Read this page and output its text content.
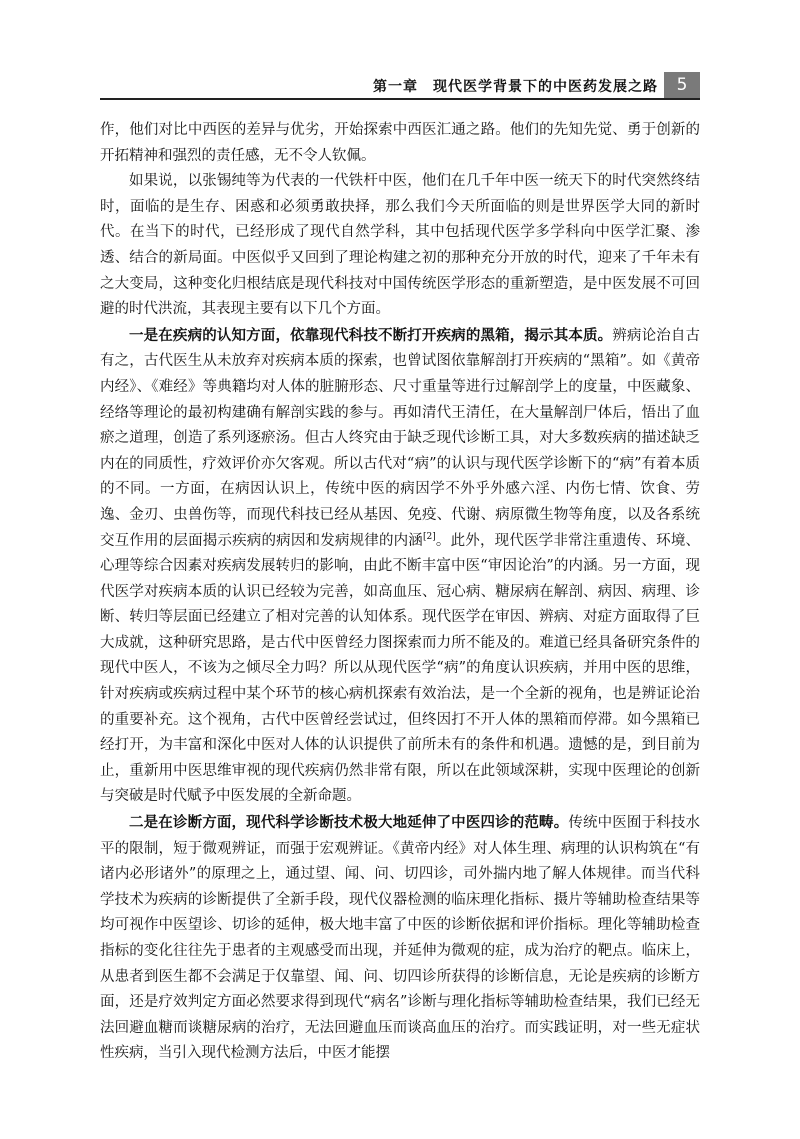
第一章　现代医学背景下的中医药发展之路	5

作，他们对比中西医的差异与优劣，开始探索中西医汇通之路。他们的先知先觉、勇于创新的开拓精神和强烈的责任感，无不令人钦佩。

如果说，以张锡纯等为代表的一代铁杆中医，他们在几千年中医一统天下的时代突然终结时，面临的是生存、困惑和必须勇敢抉择，那么我们今天所面临的则是世界医学大同的新时代。在当下的时代，已经形成了现代自然学科，其中包括现代医学多学科向中医学汇聚、渗透、结合的新局面。中医似乎又回到了理论构建之初的那种充分开放的时代，迎来了千年未有之大变局，这种变化归根结底是现代科技对中国传统医学形态的重新塑造，是中医发展不可回避的时代洪流，其表现主要有以下几个方面。

一是在疾病的认知方面，依靠现代科技不断打开疾病的黑箱，揭示其本质。辨病论治自古有之，古代医生从未放弃对疾病本质的探索，也曾试图依靠解剖打开疾病的“黑箱”。如《黄帝内经》、《难经》等典籍均对人体的脏腑形态、尺寸重量等进行过解剖学上的度量，中医藏象、经络等理论的最初构建确有解剖实践的参与。再如清代王清任，在大量解剖尸体后，悟出了血瘀之道理，创造了系列逐瘀汤。但古人终究由于缺乏现代诊断工具，对大多数疾病的描述缺乏内在的同质性，疗效评价亦欠客观。所以古代对“病”的认识与现代医学诊断下的“病”有着本质的不同。一方面，在病因认识上，传统中医的病因学不外乎外感六淫、内伤七情、饮食、劳逸、金刃、虫兽伤等，而现代科技已经从基因、免疫、代谢、病原微生物等角度，以及各系统交互作用的层面揭示疾病的病因和发病规律的内涵[2]。此外，现代医学非常注重遗传、环境、心理等综合因素对疾病发展转归的影响，由此不断丰富中医“审因论治”的内涵。另一方面，现代医学对疾病本质的认识已经较为完善，如高血压、冠心病、糖尿病在解剖、病因、病理、诊断、转归等层面已经建立了相对完善的认知体系。现代医学在审因、辨病、对症方面取得了巨大成就，这种研究思路，是古代中医曾经力图探索而力所不能及的。难道已经具备研究条件的现代中医人，不该为之倾尽全力吗？所以从现代医学“病”的角度认识疾病，并用中医的思维，针对疾病或疾病过程中某个环节的核心病机探索有效治法，是一个全新的视角，也是辨证论治的重要补充。这个视角，古代中医曾经尝试过，但终因打不开人体的黑箱而停滞。如今黑箱已经打开，为丰富和深化中医对人体的认识提供了前所未有的条件和机遇。遗憾的是，到目前为止，重新用中医思维审视的现代疾病仍然非常有限，所以在此领域深耕，实现中医理论的创新与突破是时代赋予中医发展的全新命题。

二是在诊断方面，现代科学诊断技术极大地延伸了中医四诊的范畴。传统中医囿于科技水平的限制，短于微观辨证，而强于宏观辨证。《黄帝内经》对人体生理、病理的认识构筑在“有诸内必形诸外”的原理之上，通过望、闻、问、切四诊，司外揣内地了解人体规律。而当代科学技术为疾病的诊断提供了全新手段，现代仪器检测的临床理化指标、摄片等辅助检查结果等均可视作中医望诊、切诊的延伸，极大地丰富了中医的诊断依据和评价指标。理化等辅助检查指标的变化往往先于患者的主观感受而出现，并延伸为微观的症，成为治疗的靶点。临床上，从患者到医生都不会满足于仅靠望、闻、问、切四诊所获得的诊断信息，无论是疾病的诊断方面，还是疗效判定方面必然要求得到现代“病名”诊断与理化指标等辅助检查结果，我们已经无法回避血糖而谈糖尿病的治疗，无法回避血压而谈高血压的治疗。而实践证明，对一些无症状性疾病，当引入现代检测方法后，中医才能摆
